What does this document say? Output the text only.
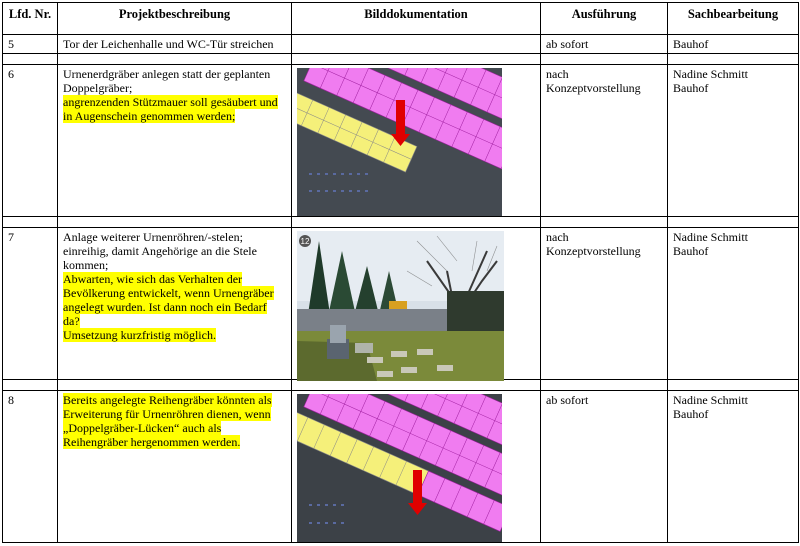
Lfd. Nr.	Projektbeschreibung	Bilddokumentation	Ausführung	Sachbearbeitung
5	Tor der Leichenhalle und WC-Tür streichen		ab sofort	Bauhof

6	Urnenerdgräber anlegen statt der geplanten Doppelgräber;
angrenzenden Stützmauer soll gesäubert und in Augenschein genommen werden;		nach Konzeptvorstellung	Nadine Schmitt
Bauhof

7	Anlage weiterer Urnenröhren/-stelen; einreihig, damit Angehörige an die Stele kommen;
Abwarten, wie sich das Verhalten der Bevölkerung entwickelt, wenn Urnengräber angelegt wurden. Ist dann noch ein Bedarf da?
Umsetzung kurzfristig möglich.	12	nach Konzeptvorstellung	Nadine Schmitt
Bauhof

8	Bereits angelegte Reihengräber könnten als Erweiterung für Urnenröhren dienen, wenn „Doppelgräber-Lücken“ auch als Reihengräber hergenommen werden.		ab sofort	Nadine Schmitt
Bauhof
